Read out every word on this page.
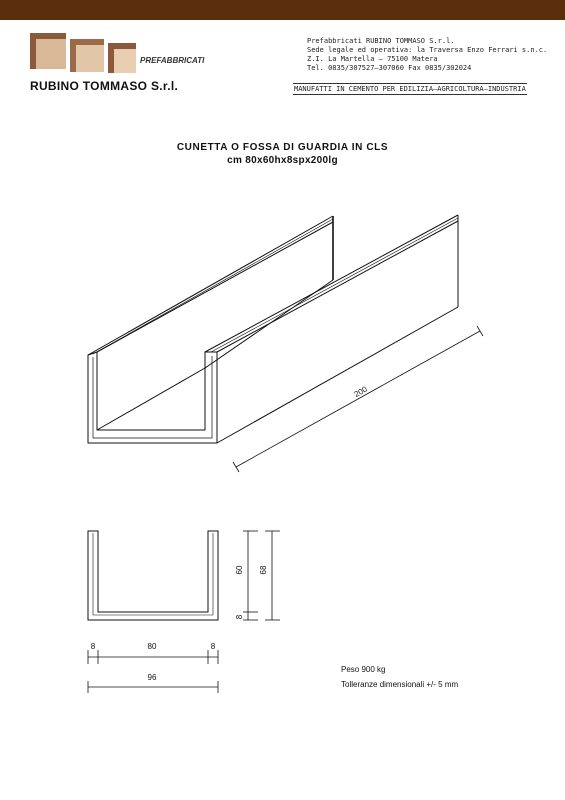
PREFABBRICATI
RUBINO TOMMASO S.r.l.
Prefabbricati RUBINO TOMMASO S.r.l.
Sede legale ed operativa: la Traversa Enzo Ferrari s.n.c.
Z.I. La Martella – 75100 Matera
Tel. 0835/307527–307060 Fax 0835/302024
MANUFATTI IN CEMENTO PER EDILIZIA–AGRICOLTURA–INDUSTRIA
CUNETTA O FOSSA DI GUARDIA IN CLS
cm 80x60hx8spx200lg
200
60 68
8
8	80	8
96
Peso 900 kg
Tolleranze dimensionali +/- 5 mm
